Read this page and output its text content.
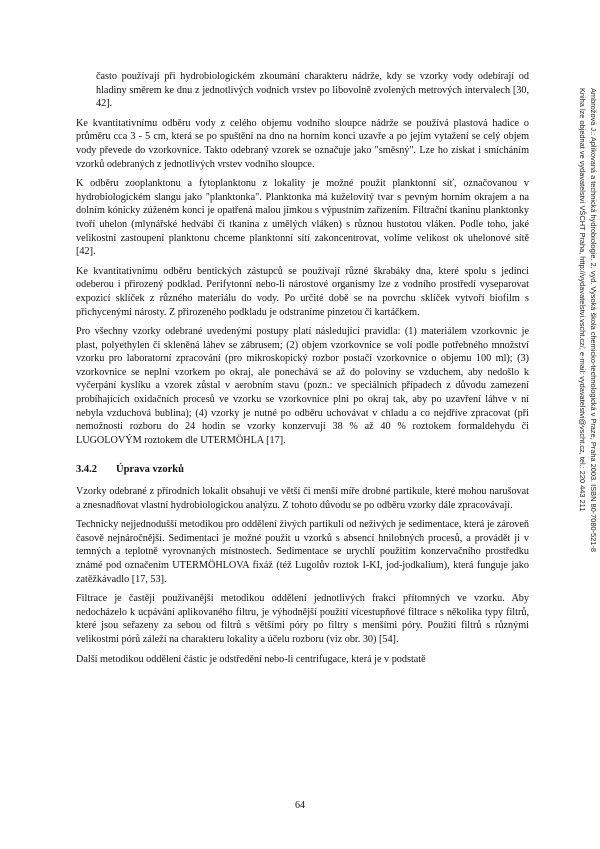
často používají při hydrobiologickém zkoumání charakteru nádrže, kdy se vzorky vody odebírají od hladiny směrem ke dnu z jednotlivých vodních vrstev po libovolně zvolených metrových intervalech [30, 42].

Ke kvantitativnímu odběru vody z celého objemu vodního sloupce nádrže se používá plastová hadice o průměru cca 3 - 5 cm, která se po spuštění na dno na horním konci uzavře a po jejím vytažení se celý objem vody převede do vzorkovnice. Takto odebraný vzorek se označuje jako "směsný". Lze ho získat i smícháním vzorků odebraných z jednotlivých vrstev vodního sloupce.

K odběru zooplanktonu a fytoplanktonu z lokality je možné použít planktonní síť, označovanou v hydrobiologickém slangu jako "planktonka". Planktonka má kuželovitý tvar s pevným horním okrajem a na dolním kónicky zúženém konci je opatřená malou jímkou s výpustním zařízením. Filtrační tkaninu planktonky tvoří uhelon (mlynářské hedvábí či tkanina z umělých vláken) s různou hustotou vláken. Podle toho, jaké velikostní zastoupení planktonu chceme planktonní sítí zakoncentrovat, volíme velikost ok uhelonové sítě [42].

Ke kvantitativnímu odběru bentických zástupců se používají různé škrabáky dna, které spolu s jedinci odeberou i přirozený podklad. Perifytonní nebo-li nárostové organismy lze z vodního prostředí vyseparovat expozicí sklíček z různého materiálu do vody. Po určité době se na povrchu sklíček vytvoří biofilm s přichycenými nárosty. Z přirozeného podkladu je odstraníme pinzetou či kartáčkem.

Pro všechny vzorky odebrané uvedenými postupy platí následující pravidla: (1) materiálem vzorkovnic je plast, polyethylen či skleněná láhev se zábrusem; (2) objem vzorkovnice se volí podle potřebného množství vzorku pro laboratorní zpracování (pro mikroskopický rozbor postačí vzorkovnice o objemu 100 ml); (3) vzorkovnice se neplní vzorkem po okraj, ale ponechává se až do poloviny se vzduchem, aby nedošlo k vyčerpání kyslíku a vzorek zůstal v aerobním stavu (pozn.: ve speciálních případech z důvodu zamezení probíhajících oxidačních procesů ve vzorku se vzorkovnice plní po okraj tak, aby po uzavření láhve v ní nebyla vzduchová bublina); (4) vzorky je nutné po odběru uchovávat v chladu a co nejdříve zpracovat (při nemožnosti rozboru do 24 hodin se vzorky konzervují 38 % až 40 % roztokem formaldehydu či LUGOLOVÝM roztokem dle UTERMÖHLA [17].

3.4.2 Úprava vzorků

Vzorky odebrané z přírodních lokalit obsahují ve větší či menší míře drobné partikule, které mohou narušovat a znesnadňovat vlastní hydrobiologickou analýzu. Z tohoto důvodu se po odběru vzorky dále zpracovávají.

Technicky nejjednodušší metodikou pro oddělení živých partikulí od neživých je sedimentace, která je zároveň časově nejnáročnější. Sedimentaci je možné použít u vzorků s absencí hnilobných procesů, a provádět ji v temných a teplotně vyrovnaných místnostech. Sedimentace se urychlí použitím konzervačního prostředku známé pod označením UTERMÖHLOVA fixáž (též Lugolův roztok I-KI, jod-jodkalium), která funguje jako zatěžkávadlo [17, 53].

Filtrace je častěji používanější metodikou oddělení jednotlivých frakcí přítomných ve vzorku. Aby nedocházelo k ucpávání aplikovaného filtru, je výhodnější použití vícestupňové filtrace s několika typy filtrů, které jsou seřazeny za sebou od filtrů s většími póry po filtry s menšími póry. Použití filtrů s různými velikostmi pórů záleží na charakteru lokality a účelu rozboru (viz obr. 30) [54].

Další metodikou oddělení částic je odstředění nebo-li centrifugace, která je v podstatě

Ambrožová J.: Aplikovaná a technická hydrobiologie. 2. vyd. Vysoká škola chemicko-technologická v Praze, Praha 2003. ISBN 80-7080-521-8
Kniha lze objednat ve vydavatelství VŠCHT Praha, http://vydavatelstvi.vscht.cz/, e-mail: vydavatelstvi@vscht.cz, tel.: 220 443 211
64
